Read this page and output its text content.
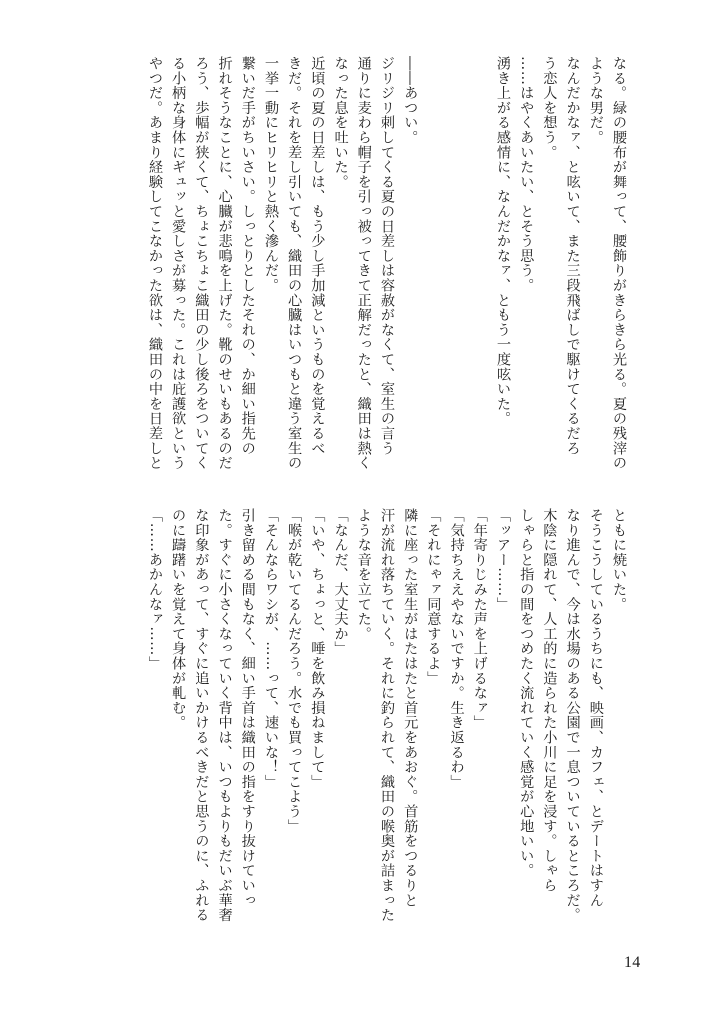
なる。緑の腰布が舞って、腰飾りがきらきら光る。夏の残滓の
ような男だ。
なんだかなァ、と呟いて、また三段飛ばしで駆けてくるだろ
う恋人を想う。
……はやくあいたい、とそう思う。
湧き上がる感情に、なんだかなァ、ともう一度呟いた。

――あつい。
ジリジリ刺してくる夏の日差しは容赦がなくて、室生の言う
通りに麦わら帽子を引っ被ってきて正解だったと、織田は熱く
なった息を吐いた。
近頃の夏の日差しは、もう少し手加減というものを覚えるべ
きだ。それを差し引いても、織田の心臓はいつもと違う室生の
一挙一動にヒリヒリと熱く滲んだ。
繋いだ手がちいさい。しっとりとしたそれの、か細い指先の
折れそうなことに、心臓が悲鳴を上げた。靴のせいもあるのだ
ろう、歩幅が狭くて、ちょこちょこ織田の少し後ろをついてく
る小柄な身体にギュッと愛しさが募った。これは庇護欲という
やつだ。あまり経験してこなかった欲は、織田の中を日差しと
ともに焼いた。
そうこうしているうちにも、映画、カフェ、とデートはすん
なり進んで、今は水場のある公園で一息ついているところだ。
木陰に隠れて、人工的に造られた小川に足を浸す。しゃら
しゃらと指の間をつめたく流れていく感覚が心地いい。
「ッアー……」
「年寄りじみた声を上げるなァ」
「気持ちええやないですか。生き返るわ」
「それにゃァ同意するよ」
隣に座った室生がはたはたと首元をあおぐ。首筋をつるりと
汗が流れ落ちていく。それに釣られて、織田の喉奥が詰まった
ような音を立てた。
「なんだ、大丈夫か」
「いや、ちょっと、唾を飲み損ねまして」
「喉が乾いてるんだろう。水でも買ってこよう」
「そんならワシが、……って、速いな！」
引き留める間もなく、細い手首は織田の指をすり抜けていっ
た。すぐに小さくなっていく背中は、いつもよりもだいぶ華奢
な印象があって、すぐに追いかけるべきだと思うのに、ふれる
のに躊躇いを覚えて身体が軋む。
「……あかんなァ……」
14
